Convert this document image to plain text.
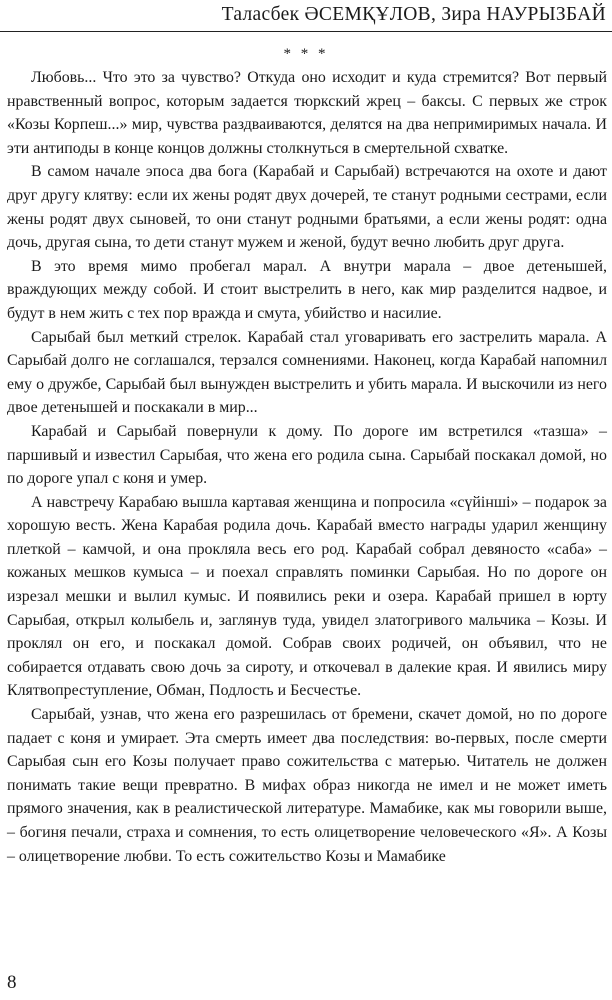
Таласбек ӘСЕМҚҰЛОВ, Зира НАУРЫЗБАЙ
* * *

Любовь... Что это за чувство? Откуда оно исходит и куда стремится? Вот первый нравственный вопрос, которым задается тюркский жрец – баксы. С первых же строк «Козы Корпеш...» мир, чувства раздваиваются, делятся на два непримиримых начала. И эти антиподы в конце концов должны столкнуться в смертельной схватке.

В самом начале эпоса два бога (Карабай и Сарыбай) встречаются на охоте и дают друг другу клятву: если их жены родят двух дочерей, те станут родными сестрами, если жены родят двух сыновей, то они станут родными братьями, а если жены родят: одна дочь, другая сына, то дети станут мужем и женой, будут вечно любить друг друга.

В это время мимо пробегал марал. А внутри марала – двое детенышей, враждующих между собой. И стоит выстрелить в него, как мир разделится надвое, и будут в нем жить с тех пор вражда и смута, убийство и насилие.

Сарыбай был меткий стрелок. Карабай стал уговаривать его застрелить марала. А Сарыбай долго не соглашался, терзался сомнениями. Наконец, когда Карабай напомнил ему о дружбе, Сарыбай был вынужден выстрелить и убить марала. И выскочили из него двое детенышей и поскакали в мир...

Карабай и Сарыбай повернули к дому. По дороге им встретился «тазша» – паршивый и известил Сарыбая, что жена его родила сына. Сарыбай поскакал домой, но по дороге упал с коня и умер.

А навстречу Карабаю вышла картавая женщина и попросила «сүйінші» – подарок за хорошую весть. Жена Карабая родила дочь. Карабай вместо награды ударил женщину плеткой – камчой, и она прокляла весь его род. Карабай собрал девяносто «саба» – кожаных мешков кумыса – и поехал справлять поминки Сарыбая. Но по дороге он изрезал мешки и вылил кумыс. И появились реки и озера. Карабай пришел в юрту Сарыбая, открыл колыбель и, заглянув туда, увидел златогривого мальчика – Козы. И проклял он его, и поскакал домой. Собрав своих родичей, он объявил, что не собирается отдавать свою дочь за сироту, и откочевал в далекие края. И явились миру Клятвопреступление, Обман, Подлость и Бесчестье.

Сарыбай, узнав, что жена его разрешилась от бремени, скачет домой, но по дороге падает с коня и умирает. Эта смерть имеет два последствия: во-первых, после смерти Сарыбая сын его Козы получает право сожительства с матерью. Читатель не должен понимать такие вещи превратно. В мифах образ никогда не имел и не может иметь прямого значения, как в реалистической литературе. Мамабике, как мы говорили выше, – богиня печали, страха и сомнения, то есть олицетворение человеческого «Я». А Козы – олицетворение любви. То есть сожительство Козы и Мамабике

8
